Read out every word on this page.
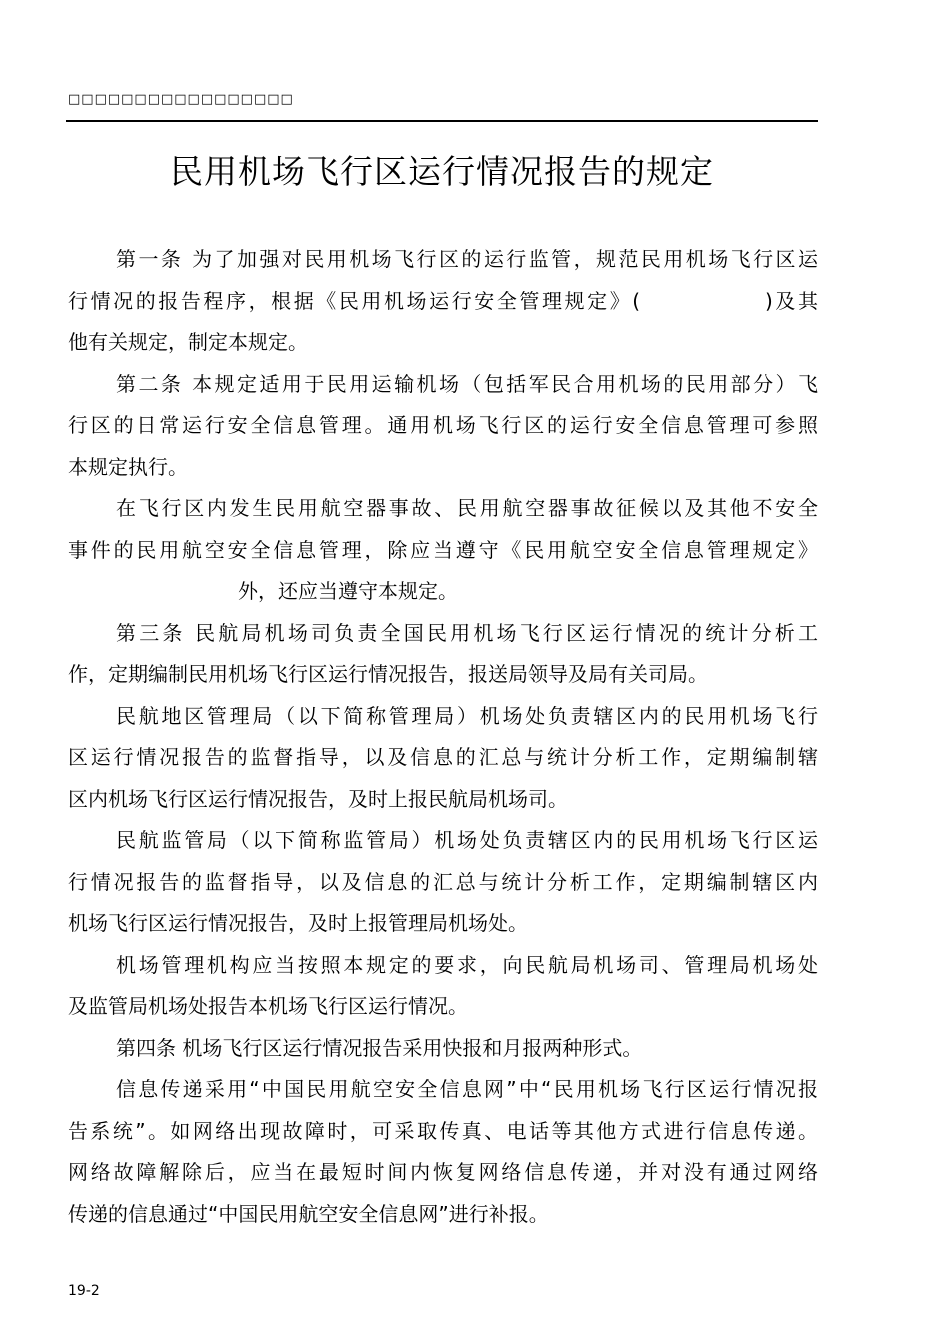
□□□□□□□□□□□□□□□□□
民用机场飞行区运行情况报告的规定
第一条 为了加强对民用机场飞行区的运行监管，规范民用机场飞行区运
行情况的报告程序，根据《民用机场运行安全管理规定》(              )及其
他有关规定，制定本规定。
第二条 本规定适用于民用运输机场（包括军民合用机场的民用部分）飞
行区的日常运行安全信息管理。通用机场飞行区的运行安全信息管理可参照
本规定执行。
在飞行区内发生民用航空器事故、民用航空器事故征候以及其他不安全
事件的民用航空安全信息管理，除应当遵守《民用航空安全信息管理规定》
外，还应当遵守本规定。
第三条 民航局机场司负责全国民用机场飞行区运行情况的统计分析工
作，定期编制民用机场飞行区运行情况报告，报送局领导及局有关司局。
民航地区管理局（以下简称管理局）机场处负责辖区内的民用机场飞行
区运行情况报告的监督指导，以及信息的汇总与统计分析工作，定期编制辖
区内机场飞行区运行情况报告，及时上报民航局机场司。
民航监管局（以下简称监管局）机场处负责辖区内的民用机场飞行区运
行情况报告的监督指导，以及信息的汇总与统计分析工作，定期编制辖区内
机场飞行区运行情况报告，及时上报管理局机场处。
机场管理机构应当按照本规定的要求，向民航局机场司、管理局机场处
及监管局机场处报告本机场飞行区运行情况。
第四条 机场飞行区运行情况报告采用快报和月报两种形式。
信息传递采用“中国民用航空安全信息网”中“民用机场飞行区运行情况报
告系统”。如网络出现故障时，可采取传真、电话等其他方式进行信息传递。
网络故障解除后，应当在最短时间内恢复网络信息传递，并对没有通过网络
传递的信息通过“中国民用航空安全信息网”进行补报。
19-2
